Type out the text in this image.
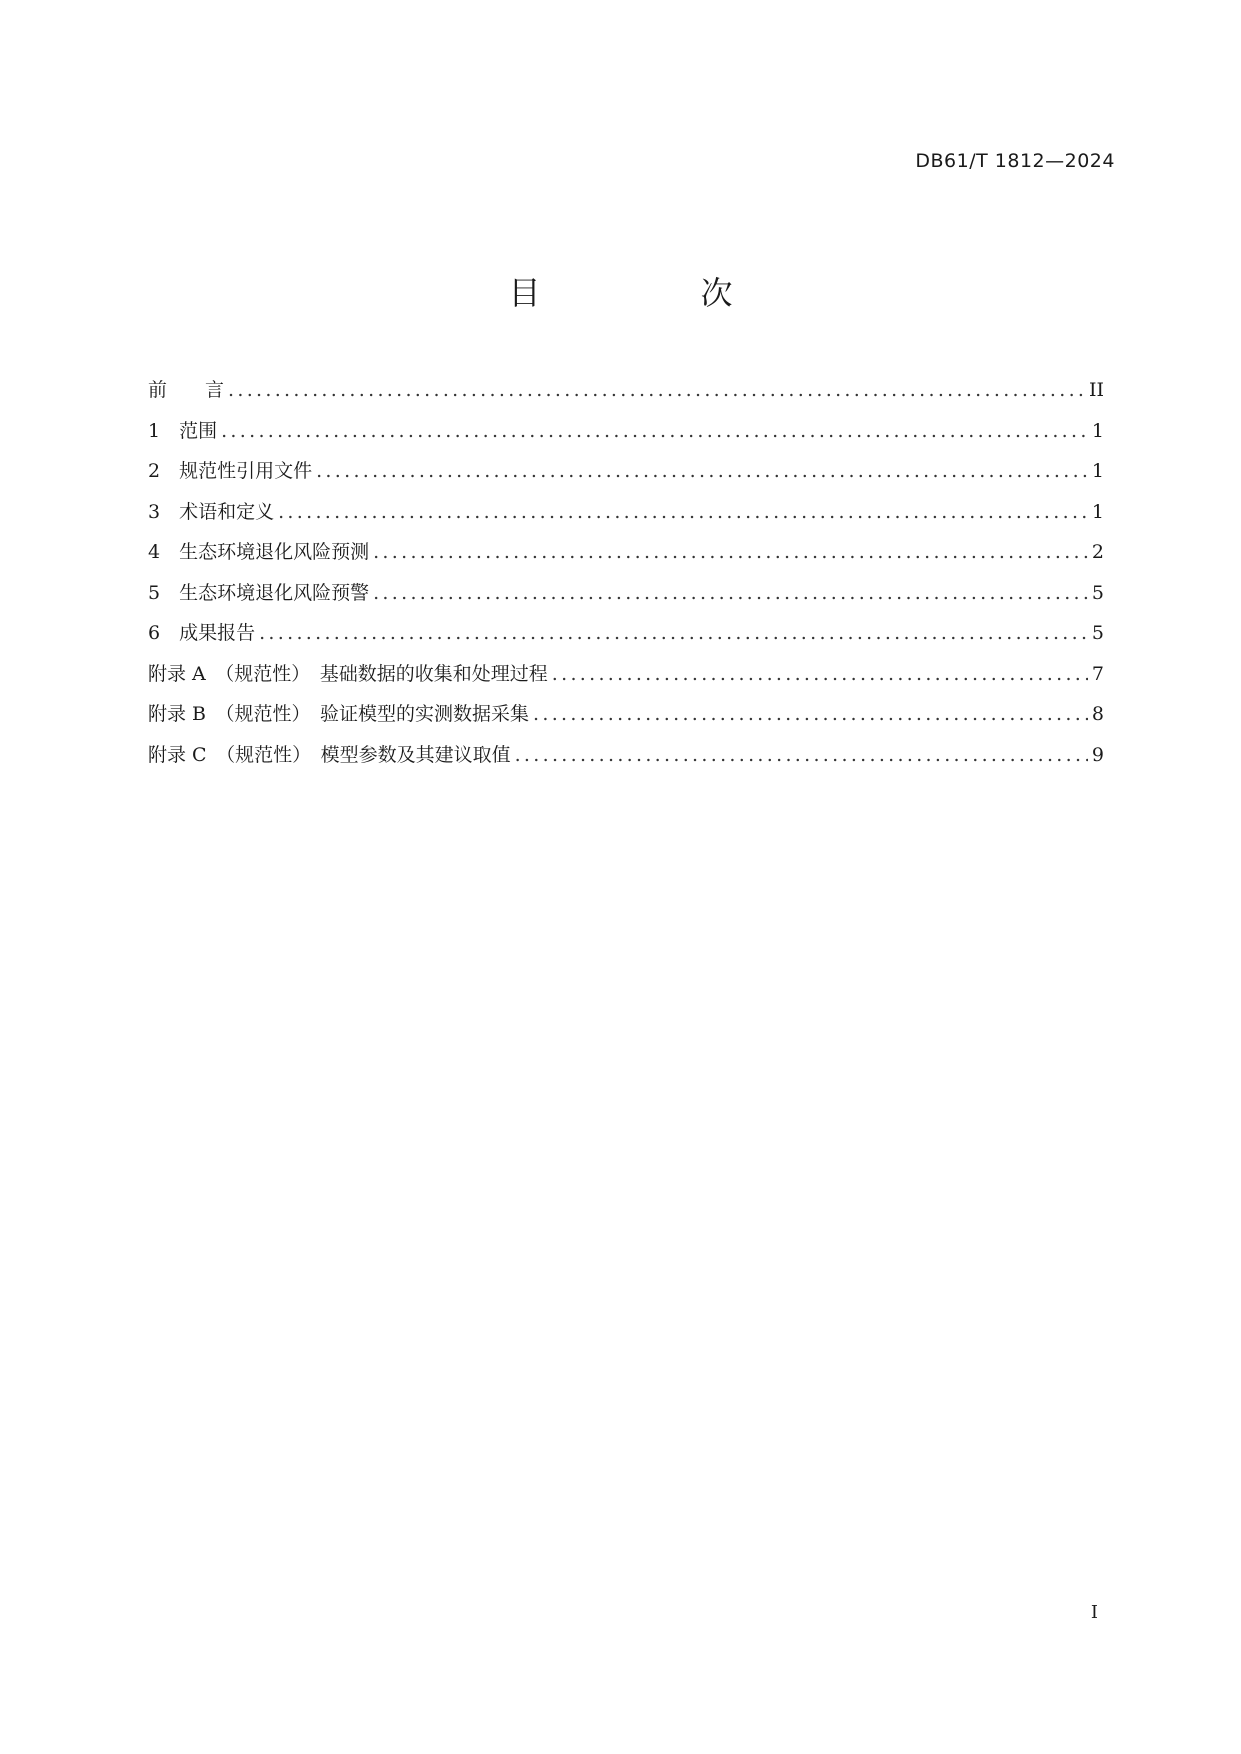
DB61/T 1812—2024
目　次
前　　言 .....	II
1　范围 .....	1
2　规范性引用文件 .....	1
3　术语和定义 .....	1
4　生态环境退化风险预测 .....	2
5　生态环境退化风险预警 .....	5
6　成果报告 .....	5
附录 A　（规范性）　基础数据的收集和处理过程 .....	7
附录 B　（规范性）　验证模型的实测数据采集 .....	8
附录 C　（规范性）　模型参数及其建议取值 .....	9
I
